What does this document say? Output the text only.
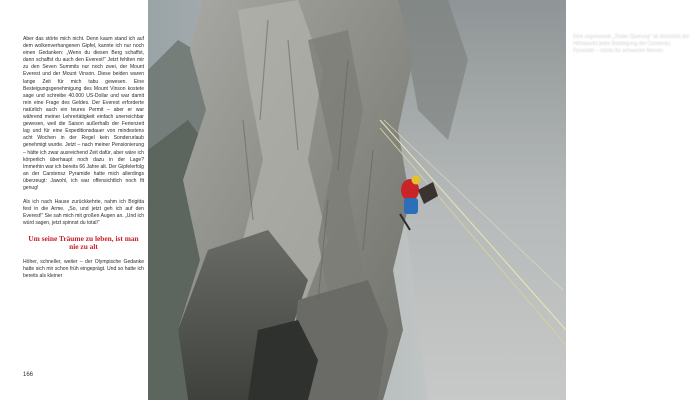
Aber das störte mich nicht. Denn kaum stand ich auf dem wolkenverhangenen Gipfel, kannte ich nur noch einen Gedanken: „Wenn du diesen Berg schaffst, dann schaffst du auch den Everest!“ Jetzt fehlten mir zu den Seven Summits nur noch zwei, der Mount Everest und der Mount Vinson. Diese beiden waren lange Zeit für mich tabu gewesen. Eine Besteigungsgenehmigung des Mount Vinson kostete sage und schreibe 40.000 US-Dollar und war damit rein eine Frage des Geldes. Der Everest erforderte natürlich auch ein teures Permit – aber er war während meiner Lehrertätigkeit einfach unerreichbar gewesen, weil die Saison außerhalb der Ferienzeit lag und für eine Expeditionsdauer von mindestens acht Wochen in der Regel kein Sonderurlaub genehmigt wurde. Jetzt – nach meiner Pensionierung – hätte ich zwar ausreichend Zeit dafür, aber wäre ich körperlich überhaupt noch dazu in der Lage? Immerhin war ich bereits 66 Jahre alt. Der Gipfelerfolg an der Carstensz Pyramide hatte mich allerdings überzeugt: Jawohl, ich war offensichtlich noch fit genug!

Als ich nach Hause zurückkehrte, nahm ich Brigitta fest in die Arme. „So, und jetzt geh ich auf den Everest!“ Sie sah mich mit großen Augen an. „Und ich würd sagen, jetzt spinnst du total!“

Um seine Träume zu leben, ist man nie zu alt

Höher, schneller, weiter – der Olympische Gedanke hatte sich mir schon früh eingeprägt. Und so hatte ich bereits als kleiner

166
Eine sogenannte „Tiroler Querung“ ist sicherlich der Höhepunkt jeder Besteigung der Carstensz Pyramide – nichts für schwache Nerven.
